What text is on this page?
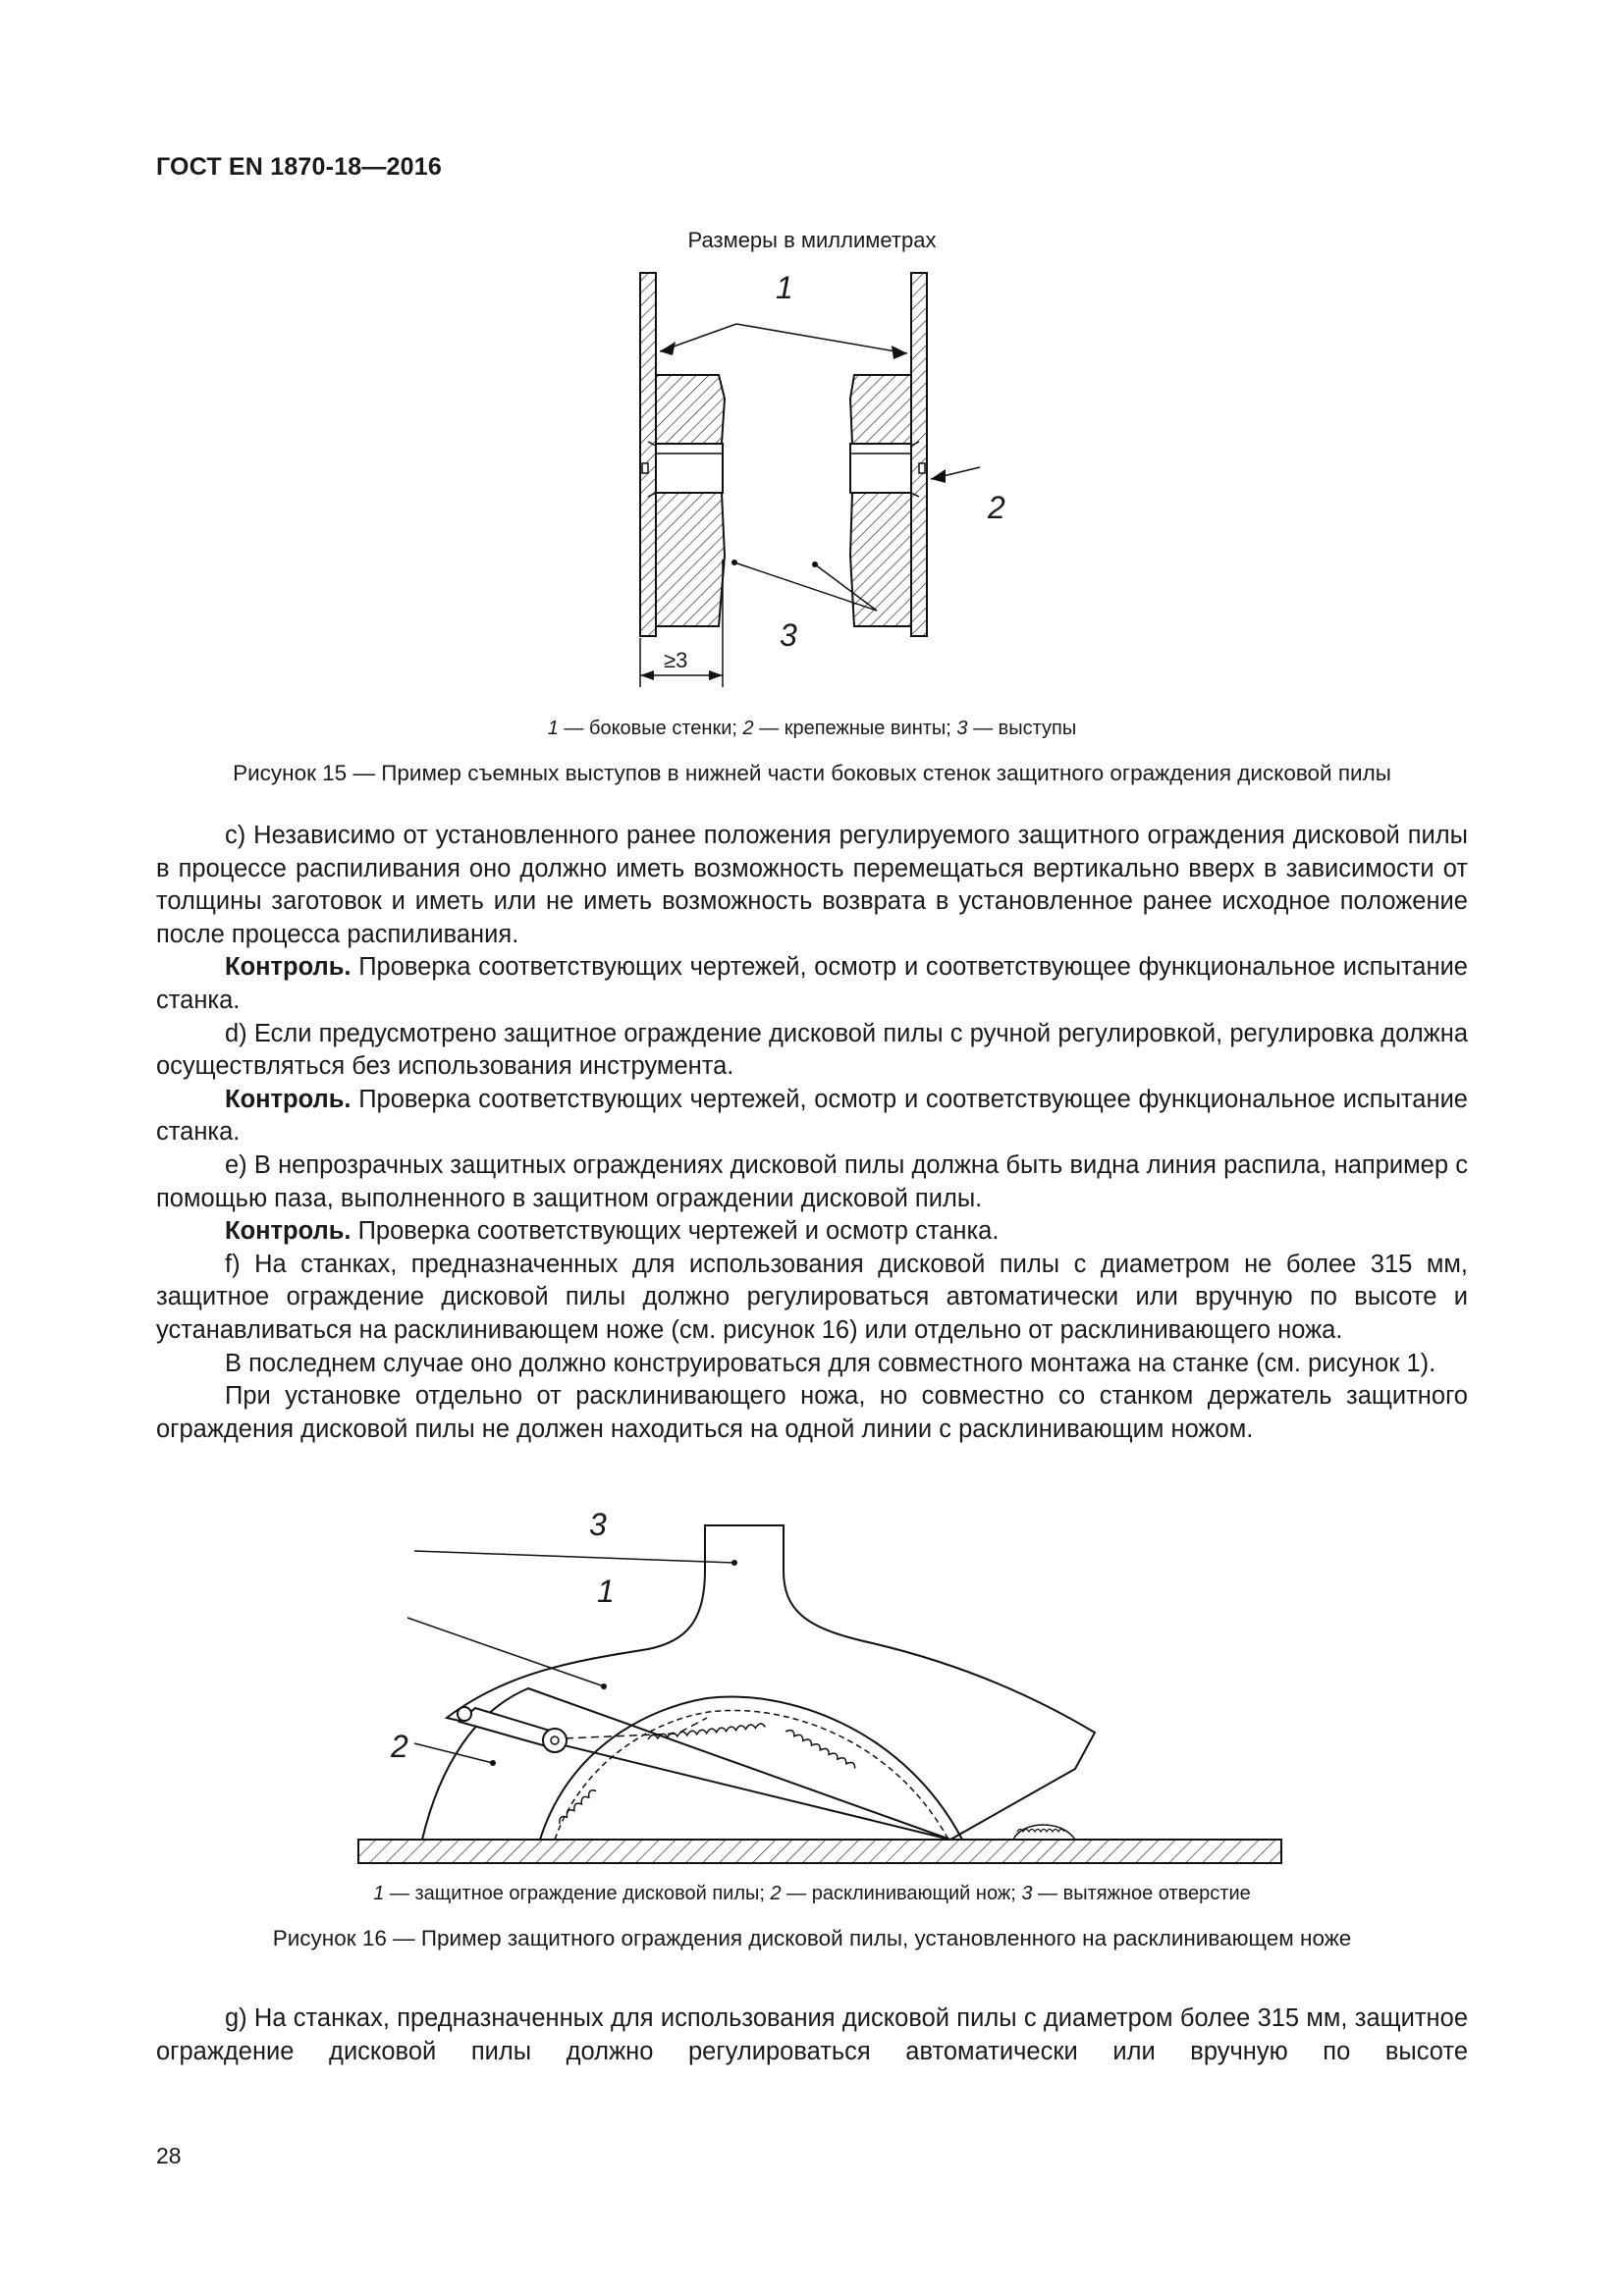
ГОСТ EN 1870-18—2016
Размеры в миллиметрах
1
2
3
≥3
1 — боковые стенки; 2 — крепежные винты; 3 — выступы
Рисунок 15 — Пример съемных выступов в нижней части боковых стенок защитного ограждения дисковой пилы

c) Независимо от установленного ранее положения регулируемого защитного ограждения дисковой пилы в процессе распиливания оно должно иметь возможность перемещаться вертикально вверх в зависимости от толщины заготовок и иметь или не иметь возможность возврата в установленное ранее исходное положение после процесса распиливания.

Контроль. Проверка соответствующих чертежей, осмотр и соответствующее функциональное испытание станка.

d) Если предусмотрено защитное ограждение дисковой пилы с ручной регулировкой, регулировка должна осуществляться без использования инструмента.

Контроль. Проверка соответствующих чертежей, осмотр и соответствующее функциональное испытание станка.

e) В непрозрачных защитных ограждениях дисковой пилы должна быть видна линия распила, например с помощью паза, выполненного в защитном ограждении дисковой пилы.

Контроль. Проверка соответствующих чертежей и осмотр станка.

f) На станках, предназначенных для использования дисковой пилы с диаметром не более 315 мм, защитное ограждение дисковой пилы должно регулироваться автоматически или вручную по высоте и устанавливаться на расклинивающем ноже (см. рисунок 16) или отдельно от расклинивающего ножа.

В последнем случае оно должно конструироваться для совместного монтажа на станке (см. рисунок 1).

При установке отдельно от расклинивающего ножа, но совместно со станком держатель защитного ограждения дисковой пилы не должен находиться на одной линии с расклинивающим ножом.

3
1
2
1 — защитное ограждение дисковой пилы; 2 — расклинивающий нож; 3 — вытяжное отверстие
Рисунок 16 — Пример защитного ограждения дисковой пилы, установленного на расклинивающем ноже

g) На станках, предназначенных для использования дисковой пилы с диаметром более 315 мм, защитное ограждение дисковой пилы должно регулироваться автоматически или вручную по высоте

28
